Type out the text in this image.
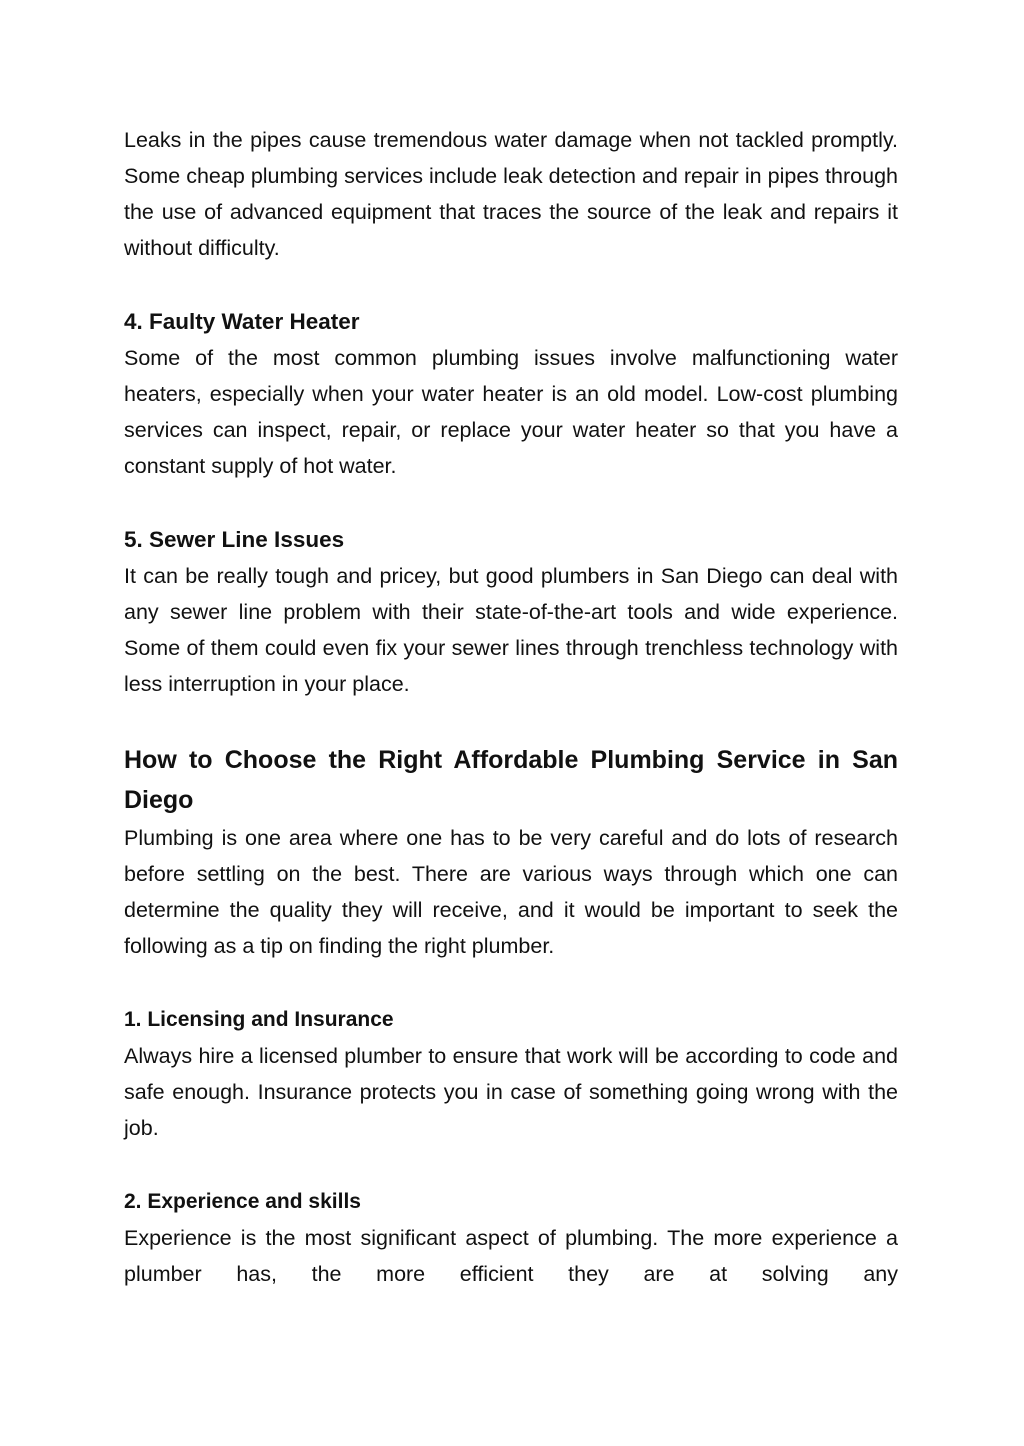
Leaks in the pipes cause tremendous water damage when not tackled promptly. Some cheap plumbing services include leak detection and repair in pipes through the use of advanced equipment that traces the source of the leak and repairs it without difficulty.

4. Faulty Water Heater

Some of the most common plumbing issues involve malfunctioning water heaters, especially when your water heater is an old model. Low-cost plumbing services can inspect, repair, or replace your water heater so that you have a constant supply of hot water.

5. Sewer Line Issues

It can be really tough and pricey, but good plumbers in San Diego can deal with any sewer line problem with their state-of-the-art tools and wide experience. Some of them could even fix your sewer lines through trenchless technology with less interruption in your place.

How to Choose the Right Affordable Plumbing Service in San Diego

Plumbing is one area where one has to be very careful and do lots of research before settling on the best. There are various ways through which one can determine the quality they will receive, and it would be important to seek the following as a tip on finding the right plumber.

1. Licensing and Insurance

Always hire a licensed plumber to ensure that work will be according to code and safe enough. Insurance protects you in case of something going wrong with the job.

2. Experience and skills

Experience is the most significant aspect of plumbing. The more experience a plumber has, the more efficient they are at solving any
